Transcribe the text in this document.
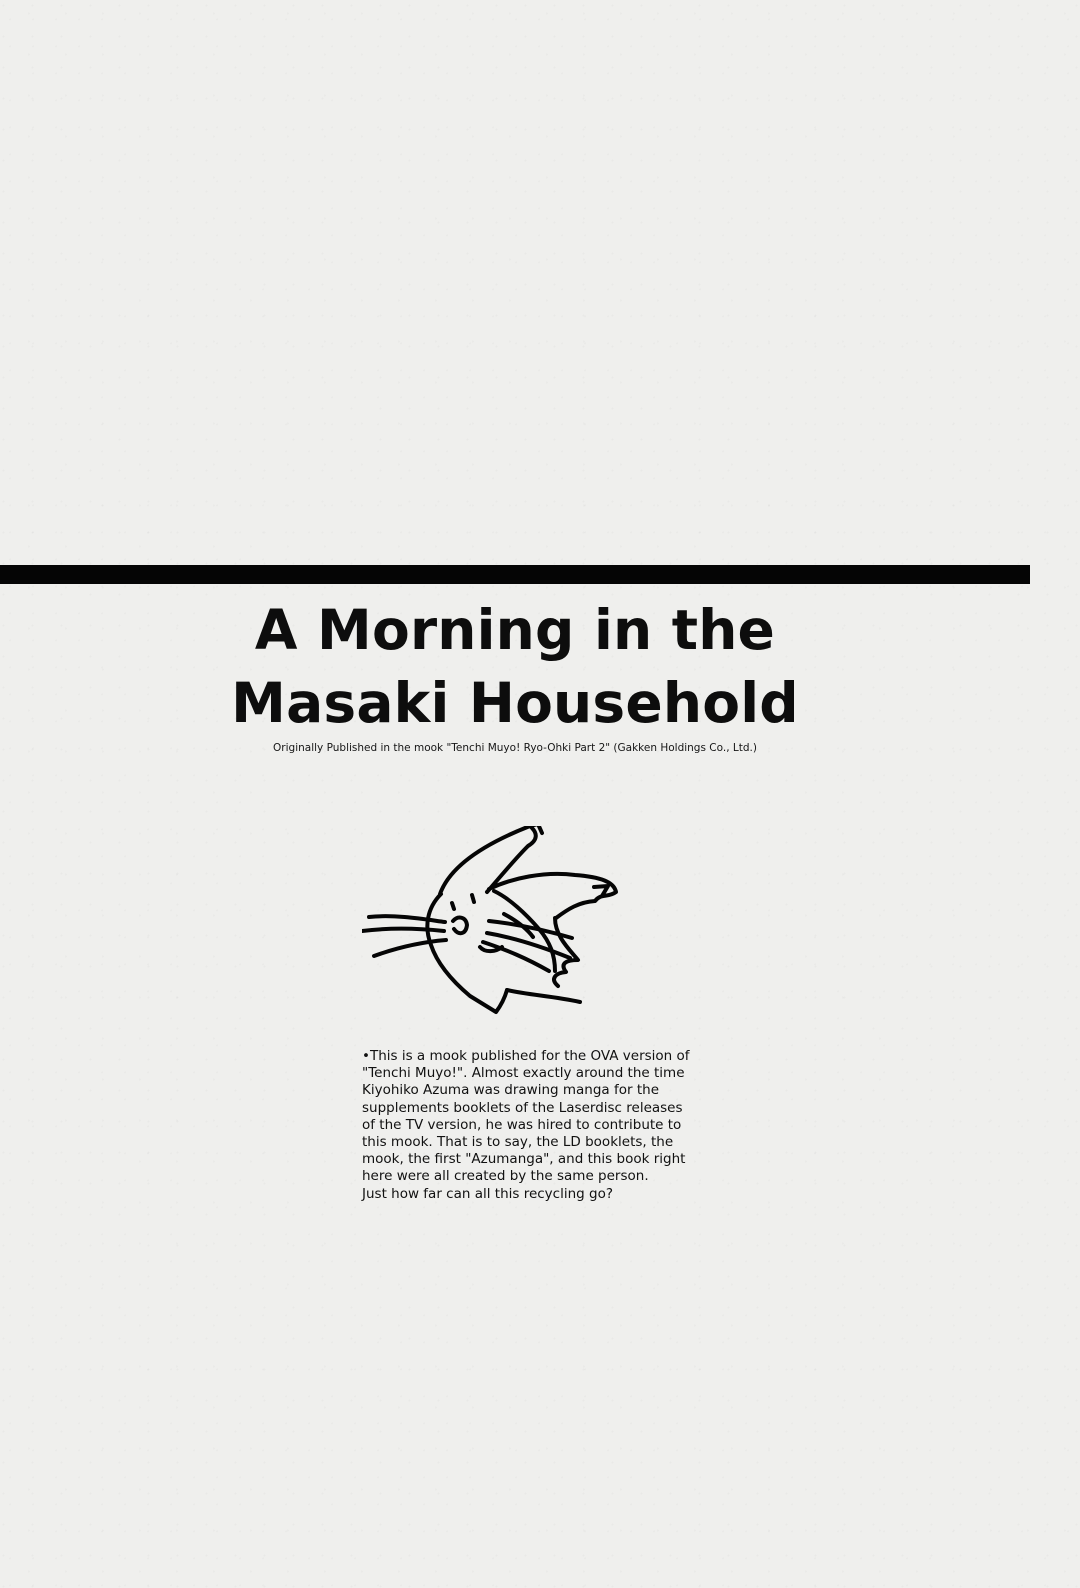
A Morning in the
Masaki Household
Originally Published in the mook "Tenchi Muyo! Ryo-Ohki Part 2" (Gakken Holdings Co., Ltd.)
•This is a mook published for the OVA version of
"Tenchi Muyo!". Almost exactly around the time
Kiyohiko Azuma was drawing manga for the
supplements booklets of the Laserdisc releases
of the TV version, he was hired to contribute to
this mook. That is to say, the LD booklets, the
mook, the first "Azumanga", and this book right
here were all created by the same person.
Just how far can all this recycling go?
